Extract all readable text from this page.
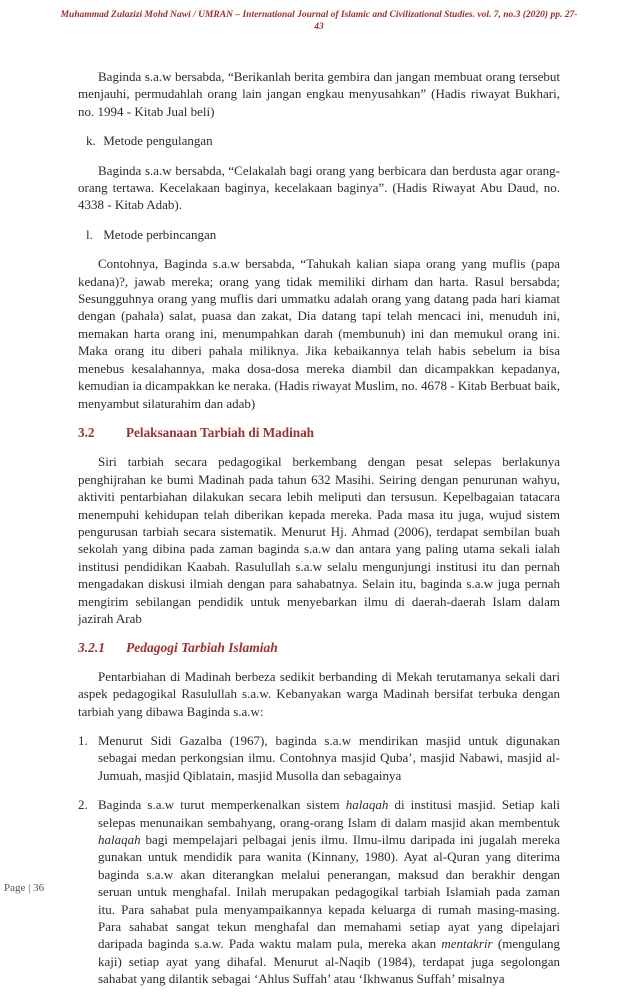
Muhammad Zulazizi Mohd Nawi / UMRAN – International Journal of Islamic and Civilizational Studies. vol. 7, no.3 (2020) pp. 27-43

Baginda s.a.w bersabda, “Berikanlah berita gembira dan jangan membuat orang tersebut menjauhi, permudahlah orang lain jangan engkau menyusahkan” (Hadis riwayat Bukhari, no. 1994 - Kitab Jual beli)

k. Metode pengulangan

Baginda s.a.w bersabda, “Celakalah bagi orang yang berbicara dan berdusta agar orang-orang tertawa. Kecelakaan baginya, kecelakaan baginya”. (Hadis Riwayat Abu Daud, no. 4338 - Kitab Adab).

l. Metode perbincangan

Contohnya, Baginda s.a.w bersabda, “Tahukah kalian siapa orang yang muflis (papa kedana)?, jawab mereka; orang yang tidak memiliki dirham dan harta. Rasul bersabda; Sesungguhnya orang yang muflis dari ummatku adalah orang yang datang pada hari kiamat dengan (pahala) salat, puasa dan zakat, Dia datang tapi telah mencaci ini, menuduh ini, memakan harta orang ini, menumpahkan darah (membunuh) ini dan memukul orang ini. Maka orang itu diberi pahala miliknya. Jika kebaikannya telah habis sebelum ia bisa menebus kesalahannya, maka dosa-dosa mereka diambil dan dicampakkan kepadanya, kemudian ia dicampakkan ke neraka. (Hadis riwayat Muslim, no. 4678 - Kitab Berbuat baik, menyambut silaturahim dan adab)

3.2 Pelaksanaan Tarbiah di Madinah

Siri tarbiah secara pedagogikal berkembang dengan pesat selepas berlakunya penghijrahan ke bumi Madinah pada tahun 632 Masihi. Seiring dengan penurunan wahyu, aktiviti pentarbiahan dilakukan secara lebih meliputi dan tersusun. Kepelbagaian tatacara menempuhi kehidupan telah diberikan kepada mereka. Pada masa itu juga, wujud sistem pengurusan tarbiah secara sistematik. Menurut Hj. Ahmad (2006), terdapat sembilan buah sekolah yang dibina pada zaman baginda s.a.w dan antara yang paling utama sekali ialah institusi pendidikan Kaabah. Rasulullah s.a.w selalu mengunjungi institusi itu dan pernah mengadakan diskusi ilmiah dengan para sahabatnya. Selain itu, baginda s.a.w juga pernah mengirim sebilangan pendidik untuk menyebarkan ilmu di daerah-daerah Islam dalam jazirah Arab

3.2.1 Pedagogi Tarbiah Islamiah

Pentarbiahan di Madinah berbeza sedikit berbanding di Mekah terutamanya sekali dari aspek pedagogikal Rasulullah s.a.w. Kebanyakan warga Madinah bersifat terbuka dengan tarbiah yang dibawa Baginda s.a.w:

1. Menurut Sidi Gazalba (1967), baginda s.a.w mendirikan masjid untuk digunakan sebagai medan perkongsian ilmu. Contohnya masjid Quba’, masjid Nabawi, masjid al-Jumuah, masjid Qiblatain, masjid Musolla dan sebagainya
2. Baginda s.a.w turut memperkenalkan sistem halaqah di institusi masjid. Setiap kali selepas menunaikan sembahyang, orang-orang Islam di dalam masjid akan membentuk halaqah bagi mempelajari pelbagai jenis ilmu. Ilmu-ilmu daripada ini jugalah mereka gunakan untuk mendidik para wanita (Kinnany, 1980). Ayat al-Quran yang diterima baginda s.a.w akan diterangkan melalui penerangan, maksud dan berakhir dengan seruan untuk menghafal. Inilah merupakan pedagogikal tarbiah Islamiah pada zaman itu. Para sahabat pula menyampaikannya kepada keluarga di rumah masing-masing. Para sahabat sangat tekun menghafal dan memahami setiap ayat yang dipelajari daripada baginda s.a.w. Pada waktu malam pula, mereka akan mentakrir (mengulang kaji) setiap ayat yang dihafal. Menurut al-Naqib (1984), terdapat juga segolongan sahabat yang dilantik sebagai ‘Ahlus Suffah’ atau ‘Ikhwanus Suffah’ misalnya
Page | 36
